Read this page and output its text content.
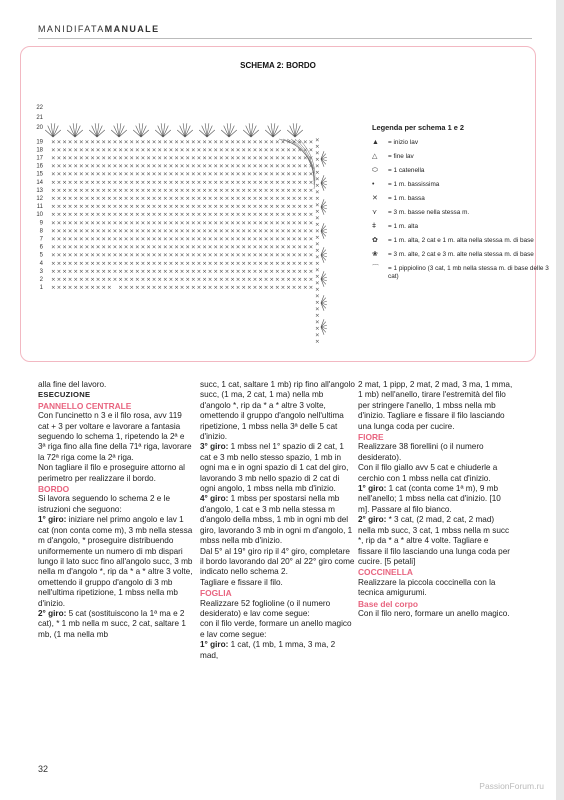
MANIDIFATAMANUALE
SCHEMA 2: BORDO
22
21
20
19
18
17
16
15
14
13
12
11
10
9
8
7
6
5
4
3
2
1
× × × × × × × × × × × × × × × × × × × × × × × × × × × × × × × × × × × × × × × × × × × × × × ×
× × × × × × × × × × × × × × × × × × × × × × × × × × × × × × × × × × × × × × × × × × × × × × ×
× × × × × × × × × × × × × × × × × × × × × × × × × × × × × × × × × × × × × × × × × × × × × × ×
× × × × × × × × × × × × × × × × × × × × × × × × × × × × × × × × × × × × × × × × × × × × × × ×
× × × × × × × × × × × × × × × × × × × × × × × × × × × × × × × × × × × × × × × × × × × × × × ×
× × × × × × × × × × × × × × × × × × × × × × × × × × × × × × × × × × × × × × × × × × × × × × ×
× × × × × × × × × × × × × × × × × × × × × × × × × × × × × × × × × × × × × × × × × × × × × × ×
× × × × × × × × × × × × × × × × × × × × × × × × × × × × × × × × × × × × × × × × × × × × × × ×
× × × × × × × × × × × × × × × × × × × × × × × × × × × × × × × × × × × × × × × × × × × × × × ×
× × × × × × × × × × × × × × × × × × × × × × × × × × × × × × × × × × × × × × × × × × × × × × ×
× × × × × × × × × × × × × × × × × × × × × × × × × × × × × × × × × × × × × × × × × × × × × × ×
× × × × × × × × × × × × × × × × × × × × × × × × × × × × × × × × × × × × × × × × × × × × × × ×
× × × × × × × × × × × × × × × × × × × × × × × × × × × × × × × × × × × × × × × × × × × × × × ×
× × × × × × × × × × × × × × × × × × × × × × × × × × × × × × × × × × × × × × × × × × × × × × ×
× × × × × × × × × × × × × × × × × × × × × × × × × × × × × × × × × × × × × × × × × × × × × × ×
× × × × × × × × × × × × × × × × × × × × × × × × × × × × × × × × × × × × × × × × × × × × × × ×
× × × × × × × × × × × × × × × × × × × × × × × × × × × × × × × × × × × × × × × × × × × × × × ×
× × × × × × × × × × × × × × × × × × × × × × × × × × × × × × × × × × × × × × × × × × × × × × ×
× × × × × × × × × × × × × × × × × × × × × × × × × × × × × × × × × × × × × × × × × × × × × ×
×
×
×
×
×
×
×
×
×
×
×
×
×
×
×
×
×
×
×
×
×
×
×
×
×
×
×
×
×
×
×
×
Legenda per schema 1 e 2
▲	= inizio lav
△	= fine lav
⬭	= 1 catenella
•	= 1 m. bassissima
✕	= 1 m. bassa
⋎	= 3 m. basse nella stessa m.
ǂ	= 1 m. alta
✿	= 1 m. alta, 2 cat e 1 m. alta nella stessa m. di base
❀	= 3 m. alte, 2 cat e 3 m. alte nella stessa m. di base
⌒	= 1 pippiolino (3 cat, 1 mb nella stessa m. di base delle 3 cat)

alla fine del lavoro.

ESECUZIONE

PANNELLO CENTRALE

Con l'uncinetto n 3 e il filo rosa, avv 119 cat + 3 per voltare e lavorare a fantasia seguendo lo schema 1, ripetendo la 2ª e 3ª riga fino alla fine della 71ª riga, lavorare la 72ª riga come la 2ª riga.

Non tagliare il filo e proseguire attorno al perimetro per realizzare il bordo.

BORDO

Si lavora seguendo lo schema 2 e le istruzioni che seguono:

1° giro: iniziare nel primo angolo e lav 1 cat (non conta come m), 3 mb nella stessa m d'angolo, * proseguire distribuendo uniformemente un numero di mb dispari lungo il lato succ fino all'angolo succ, 3 mb nella m d'angolo *, rip da * a * altre 3 volte, omettendo il gruppo d'angolo di 3 mb nell'ultima ripetizione, 1 mbss nella mb d'inizio.

2° giro: 5 cat (sostituiscono la 1ª ma e 2 cat), * 1 mb nella m succ, 2 cat, saltare 1 mb, (1 ma nella mb

succ, 1 cat, saltare 1 mb) rip fino all'angolo succ, (1 ma, 2 cat, 1 ma) nella mb d'angolo *, rip da * a * altre 3 volte, omettendo il gruppo d'angolo nell'ultima ripetizione, 1 mbss nella 3ª delle 5 cat d'inizio.

3° giro: 1 mbss nel 1° spazio di 2 cat, 1 cat e 3 mb nello stesso spazio, 1 mb in ogni ma e in ogni spazio di 1 cat del giro, lavorando 3 mb nello spazio di 2 cat di ogni angolo, 1 mbss nella mb d'inizio.

4° giro: 1 mbss per spostarsi nella mb d'angolo, 1 cat e 3 mb nella stessa m d'angolo della mbss, 1 mb in ogni mb del giro, lavorando 3 mb in ogni m d'angolo, 1 mbss nella mb d'inizio.

Dal 5° al 19° giro rip il 4° giro, completare il bordo lavorando dal 20° al 22° giro come indicato nello schema 2.

Tagliare e fissare il filo.

FOGLIA

Realizzare 52 foglioline (o il numero desiderato) e lav come segue:

con il filo verde, formare un anello magico e lav come segue:

1° giro: 1 cat, (1 mb, 1 mma, 3 ma, 2 mad,

2 mat, 1 pipp, 2 mat, 2 mad, 3 ma, 1 mma, 1 mb) nell'anello, tirare l'estremità del filo per stringere l'anello, 1 mbss nella mb d'inizio. Tagliare e fissare il filo lasciando una lunga coda per cucire.

FIORE

Realizzare 38 fiorellini (o il numero desiderato).

Con il filo giallo avv 5 cat e chiuderle a cerchio con 1 mbss nella cat d'inizio.

1° giro: 1 cat (conta come 1ª m), 9 mb nell'anello; 1 mbss nella cat d'inizio. [10 m]. Passare al filo bianco.

2° giro: * 3 cat, (2 mad, 2 cat, 2 mad) nella mb succ, 3 cat, 1 mbss nella m succ *, rip da * a * altre 4 volte. Tagliare e fissare il filo lasciando una lunga coda per cucire. [5 petali]

COCCINELLA

Realizzare la piccola coccinella con la tecnica amigurumi.

Base del corpo

Con il filo nero, formare un anello magico.

32
PassionForum.ru
